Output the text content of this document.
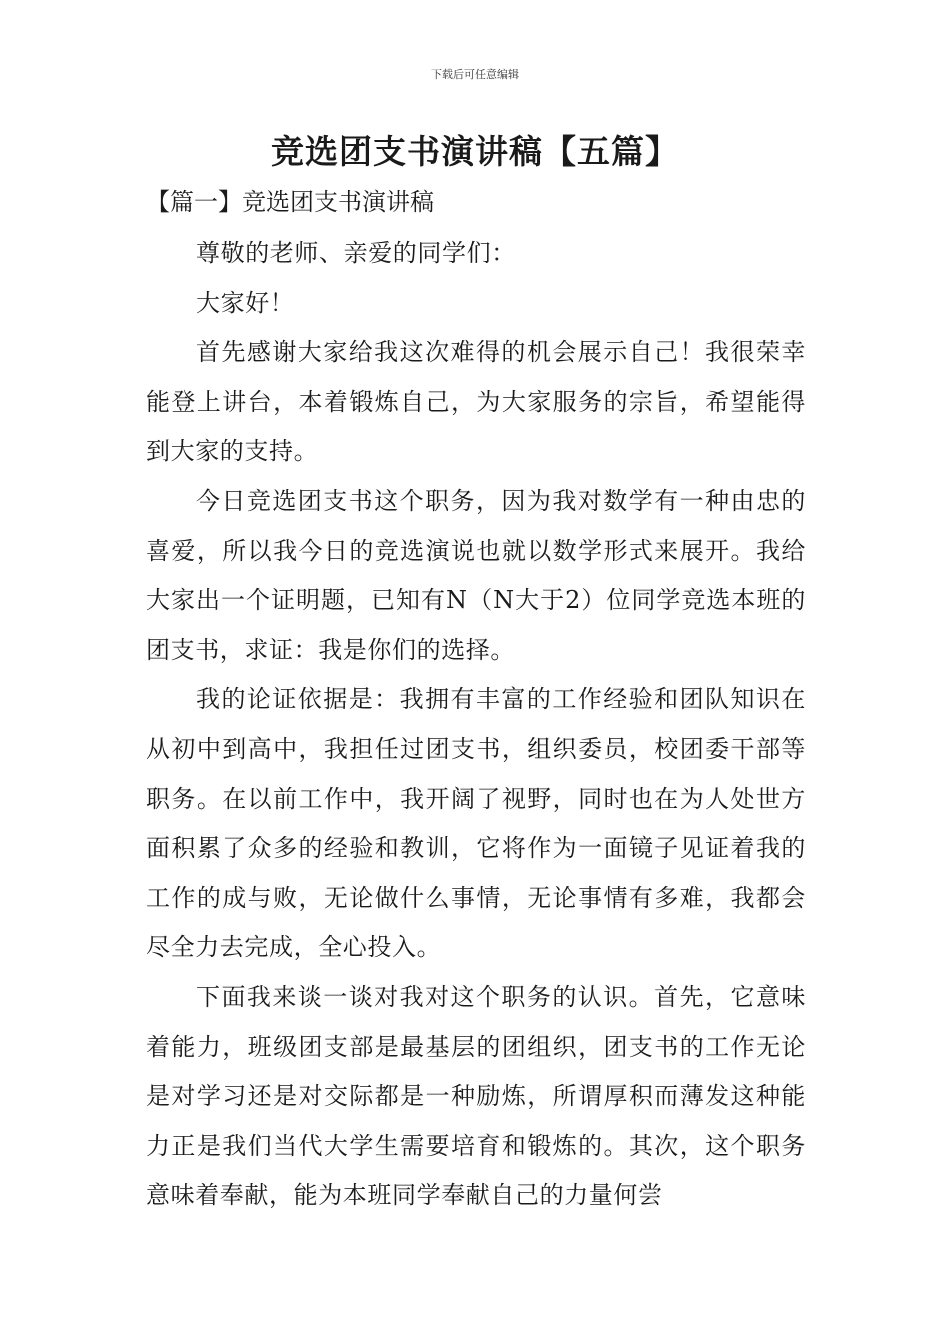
下载后可任意编辑
竞选团支书演讲稿【五篇】
【篇一】竞选团支书演讲稿

尊敬的老师、亲爱的同学们：

大家好！

首先感谢大家给我这次难得的机会展示自己！我很荣幸能登上讲台，本着锻炼自己，为大家服务的宗旨，希望能得到大家的支持。

今日竞选团支书这个职务，因为我对数学有一种由忠的喜爱，所以我今日的竞选演说也就以数学形式来展开。我给大家出一个证明题，已知有N（N大于2）位同学竞选本班的团支书，求证：我是你们的选择。

我的论证依据是：我拥有丰富的工作经验和团队知识在从初中到高中，我担任过团支书，组织委员，校团委干部等职务。在以前工作中，我开阔了视野，同时也在为人处世方面积累了众多的经验和教训，它将作为一面镜子见证着我的工作的成与败，无论做什么事情，无论事情有多难，我都会尽全力去完成，全心投入。

下面我来谈一谈对我对这个职务的认识。首先，它意味着能力，班级团支部是最基层的团组织，团支书的工作无论是对学习还是对交际都是一种励炼，所谓厚积而薄发这种能力正是我们当代大学生需要培育和锻炼的。其次，这个职务意味着奉献，能为本班同学奉献自己的力量何尝
